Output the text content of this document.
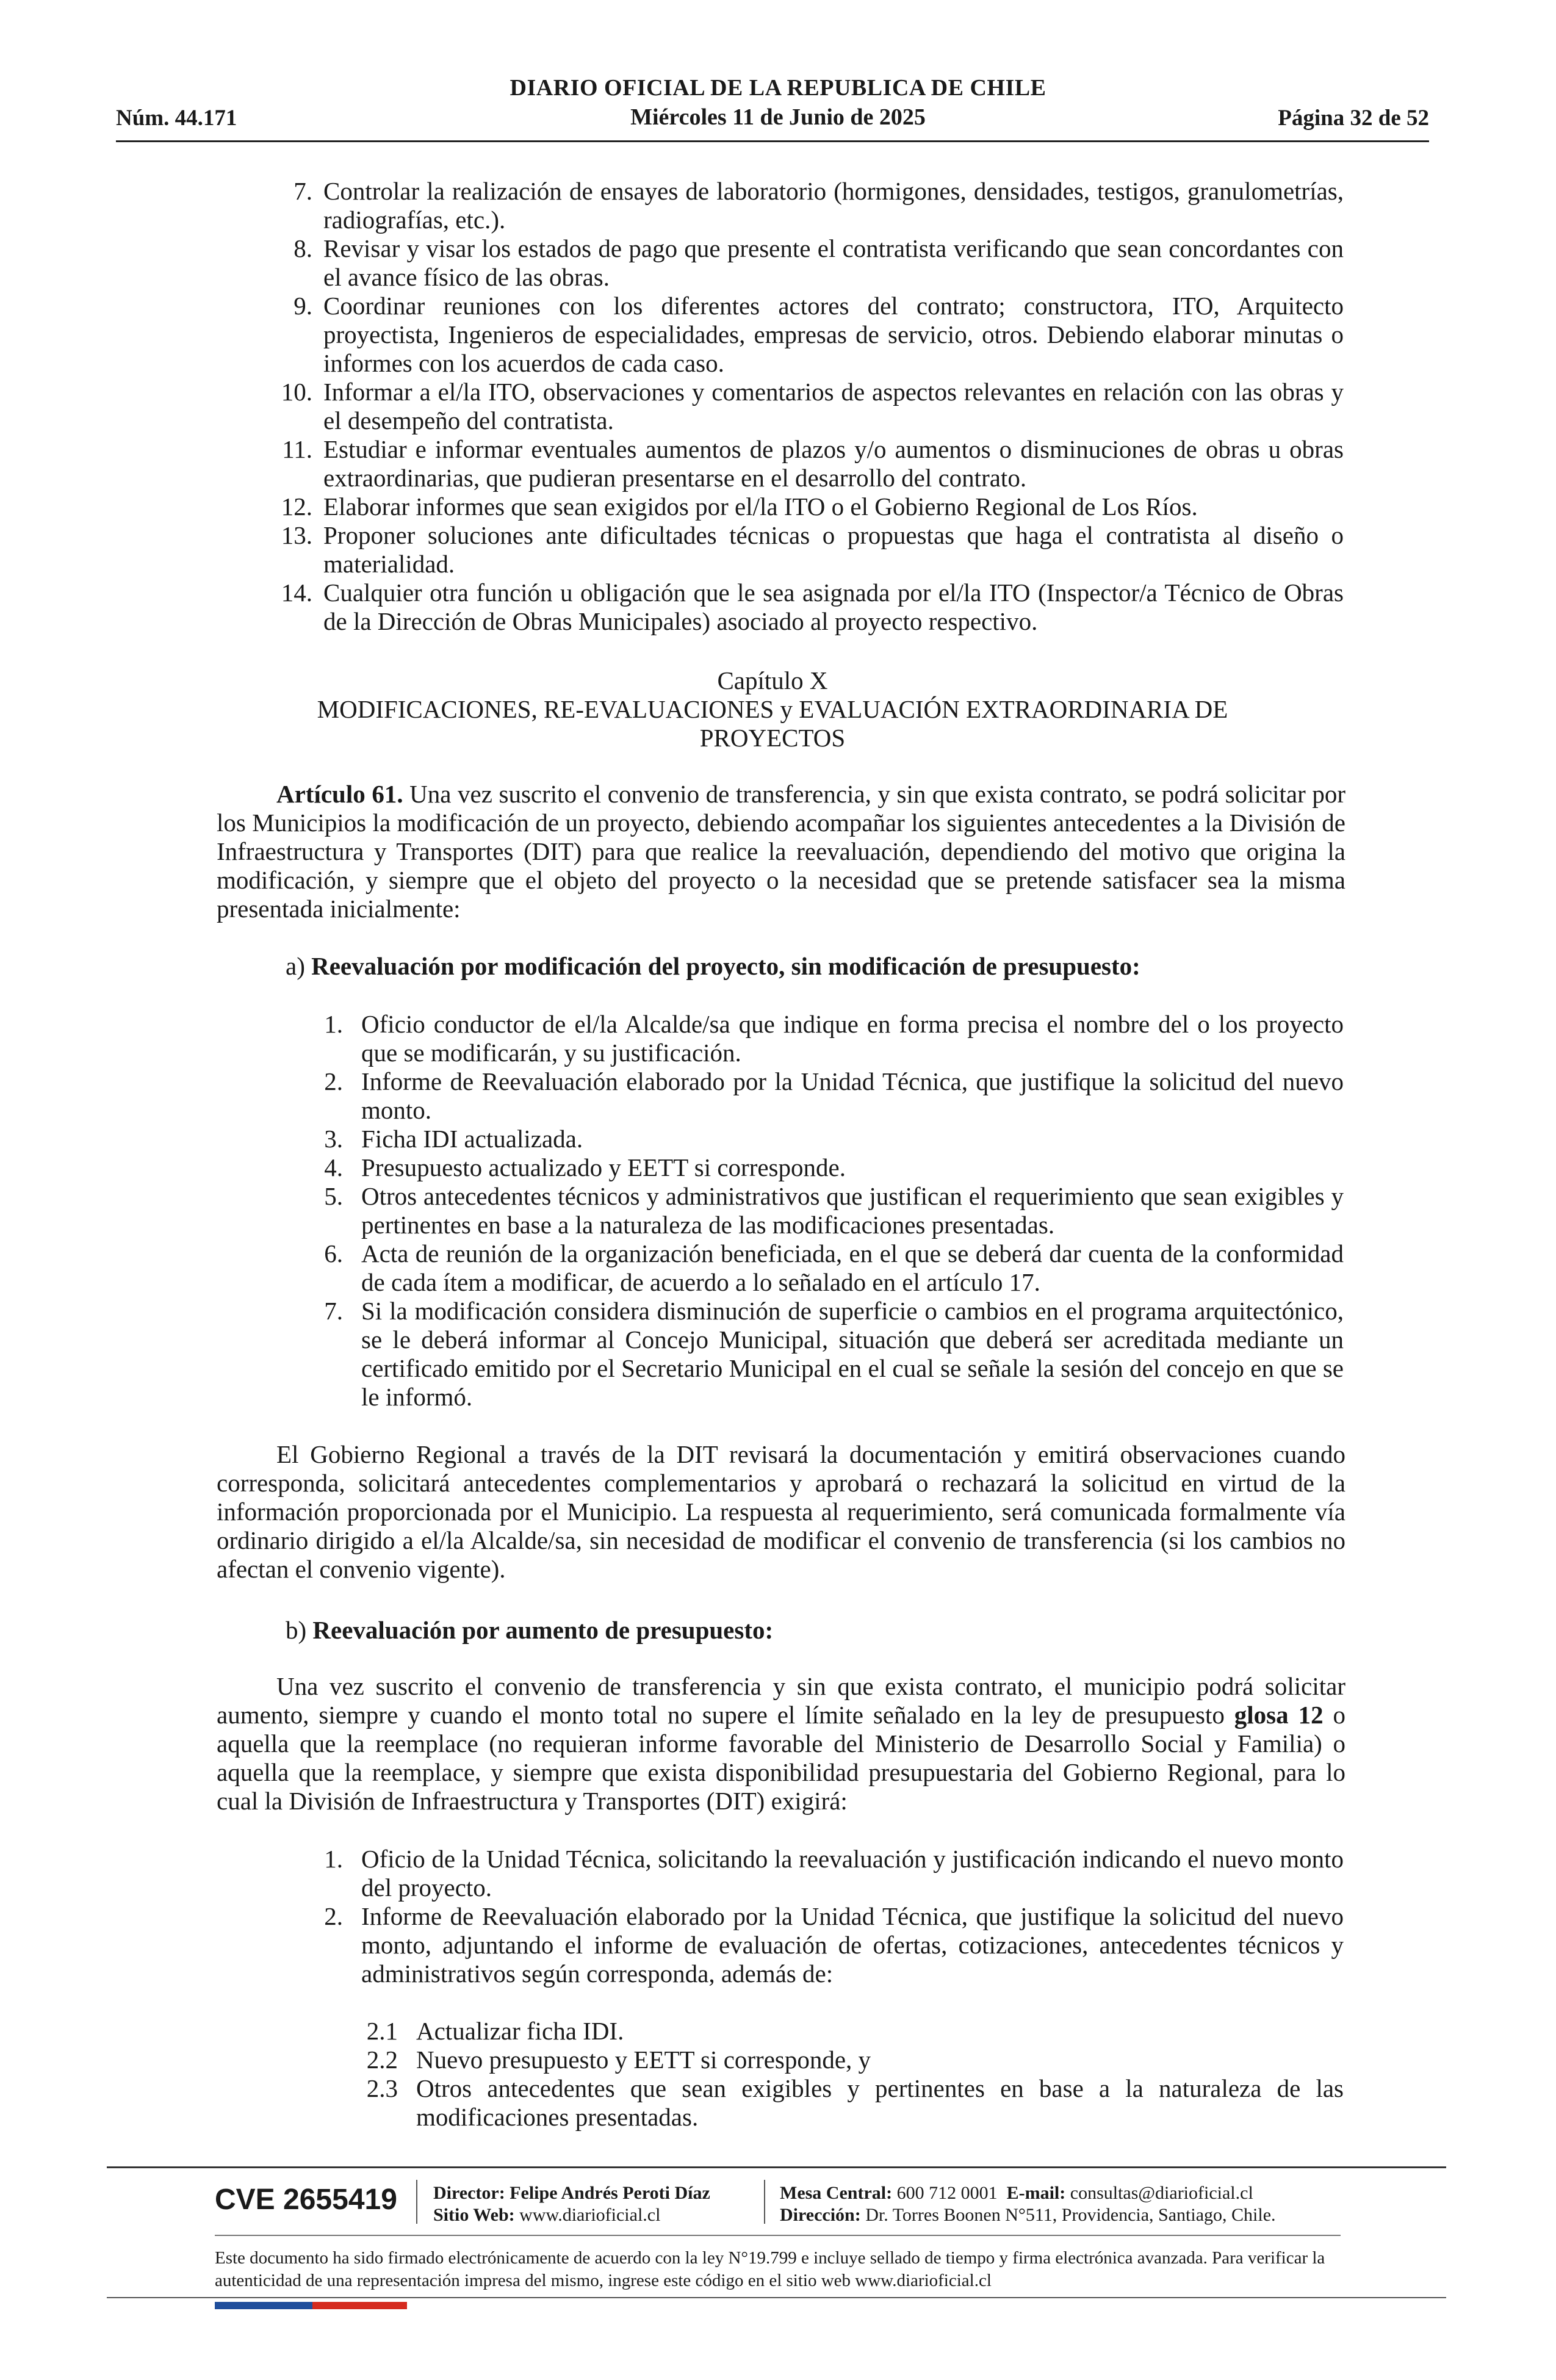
DIARIO OFICIAL DE LA REPUBLICA DE CHILE
Núm. 44.171	Miércoles 11 de Junio de 2025	Página 32 de 52
7. Controlar la realización de ensayes de laboratorio (hormigones, densidades, testigos, granulometrías, radiografías, etc.).
8. Revisar y visar los estados de pago que presente el contratista verificando que sean concordantes con el avance físico de las obras.
9. Coordinar reuniones con los diferentes actores del contrato; constructora, ITO, Arquitecto proyectista, Ingenieros de especialidades, empresas de servicio, otros. Debiendo elaborar minutas o informes con los acuerdos de cada caso.
10. Informar a el/la ITO, observaciones y comentarios de aspectos relevantes en relación con las obras y el desempeño del contratista.
11. Estudiar e informar eventuales aumentos de plazos y/o aumentos o disminuciones de obras u obras extraordinarias, que pudieran presentarse en el desarrollo del contrato.
12. Elaborar informes que sean exigidos por el/la ITO o el Gobierno Regional de Los Ríos.
13. Proponer soluciones ante dificultades técnicas o propuestas que haga el contratista al diseño o materialidad.
14. Cualquier otra función u obligación que le sea asignada por el/la ITO (Inspector/a Técnico de Obras de la Dirección de Obras Municipales) asociado al proyecto respectivo.
Capítulo X
MODIFICACIONES, RE-EVALUACIONES y EVALUACIÓN EXTRAORDINARIA DE
PROYECTOS
Artículo 61. Una vez suscrito el convenio de transferencia, y sin que exista contrato, se podrá solicitar por los Municipios la modificación de un proyecto, debiendo acompañar los siguientes antecedentes a la División de Infraestructura y Transportes (DIT) para que realice la reevaluación, dependiendo del motivo que origina la modificación, y siempre que el objeto del proyecto o la necesidad que se pretende satisfacer sea la misma presentada inicialmente:
a) Reevaluación por modificación del proyecto, sin modificación de presupuesto:
1. Oficio conductor de el/la Alcalde/sa que indique en forma precisa el nombre del o los proyecto que se modificarán, y su justificación.
2. Informe de Reevaluación elaborado por la Unidad Técnica, que justifique la solicitud del nuevo monto.
3. Ficha IDI actualizada.
4. Presupuesto actualizado y EETT si corresponde.
5. Otros antecedentes técnicos y administrativos que justifican el requerimiento que sean exigibles y pertinentes en base a la naturaleza de las modificaciones presentadas.
6. Acta de reunión de la organización beneficiada, en el que se deberá dar cuenta de la conformidad de cada ítem a modificar, de acuerdo a lo señalado en el artículo 17.
7. Si la modificación considera disminución de superficie o cambios en el programa arquitectónico, se le deberá informar al Concejo Municipal, situación que deberá ser acreditada mediante un certificado emitido por el Secretario Municipal en el cual se señale la sesión del concejo en que se le informó.
El Gobierno Regional a través de la DIT revisará la documentación y emitirá observaciones cuando corresponda, solicitará antecedentes complementarios y aprobará o rechazará la solicitud en virtud de la información proporcionada por el Municipio. La respuesta al requerimiento, será comunicada formalmente vía ordinario dirigido a el/la Alcalde/sa, sin necesidad de modificar el convenio de transferencia (si los cambios no afectan el convenio vigente).
b) Reevaluación por aumento de presupuesto:
Una vez suscrito el convenio de transferencia y sin que exista contrato, el municipio podrá solicitar aumento, siempre y cuando el monto total no supere el límite señalado en la ley de presupuesto glosa 12 o aquella que la reemplace (no requieran informe favorable del Ministerio de Desarrollo Social y Familia) o aquella que la reemplace, y siempre que exista disponibilidad presupuestaria del Gobierno Regional, para lo cual la División de Infraestructura y Transportes (DIT) exigirá:
1. Oficio de la Unidad Técnica, solicitando la reevaluación y justificación indicando el nuevo monto del proyecto.
2. Informe de Reevaluación elaborado por la Unidad Técnica, que justifique la solicitud del nuevo monto, adjuntando el informe de evaluación de ofertas, cotizaciones, antecedentes técnicos y administrativos según corresponda, además de:
2.1 Actualizar ficha IDI.
2.2 Nuevo presupuesto y EETT si corresponde, y
2.3 Otros antecedentes que sean exigibles y pertinentes en base a la naturaleza de las modificaciones presentadas.
CVE 2655419 Director: Felipe Andrés Peroti Díaz
Sitio Web: www.diarioficial.cl
Mesa Central: 600 712 0001 E-mail: consultas@diarioficial.cl
Dirección: Dr. Torres Boonen N°511, Providencia, Santiago, Chile.
Este documento ha sido firmado electrónicamente de acuerdo con la ley N°19.799 e incluye sellado de tiempo y firma electrónica avanzada. Para verificar la autenticidad de una representación impresa del mismo, ingrese este código en el sitio web www.diarioficial.cl
